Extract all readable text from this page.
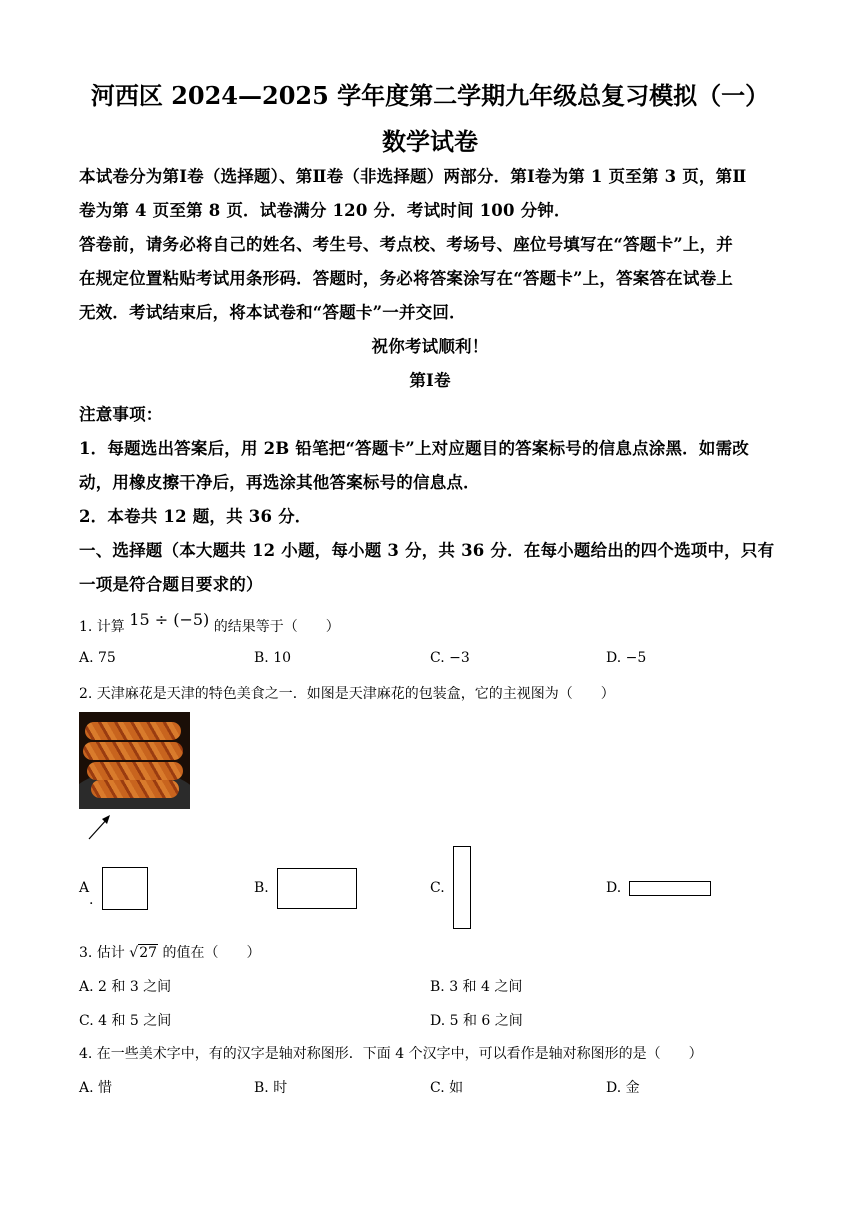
河西区 2024—2025 学年度第二学期九年级总复习模拟（一）
数学试卷
本试卷分为第Ⅰ卷（选择题）、第Ⅱ卷（非选择题）两部分．第Ⅰ卷为第 1 页至第 3 页，第Ⅱ
卷为第 4 页至第 8 页．试卷满分 120 分．考试时间 100 分钟．
答卷前，请务必将自己的姓名、考生号、考点校、考场号、座位号填写在“答题卡”上，并
在规定位置粘贴考试用条形码．答题时，务必将答案涂写在“答题卡”上，答案答在试卷上
无效．考试结束后，将本试卷和“答题卡”一并交回．
祝你考试顺利！
第Ⅰ卷
注意事项：
1．每题选出答案后，用 2B 铅笔把“答题卡”上对应题目的答案标号的信息点涂黑．如需改
动，用橡皮擦干净后，再选涂其他答案标号的信息点．
2．本卷共 12 题，共 36 分．
一、选择题（本大题共 12 小题，每小题 3 分，共 36 分．在每小题给出的四个选项中，只有
一项是符合题目要求的）
1. 计算 15 ÷ (−5) 的结果等于（　　）
A. 75	B. 10	C. −3	D. −5
2. 天津麻花是天津的特色美食之一．如图是天津麻花的包装盒，它的主视图为（　　）
A
.
B.	C.	D.
3. 估计 √27 的值在（　　）
A. 2 和 3 之间	B. 3 和 4 之间
C. 4 和 5 之间	D. 5 和 6 之间
4. 在一些美术字中，有的汉字是轴对称图形．下面 4 个汉字中，可以看作是轴对称图形的是（　　）
A. 惜	B. 时	C. 如	D. 金
